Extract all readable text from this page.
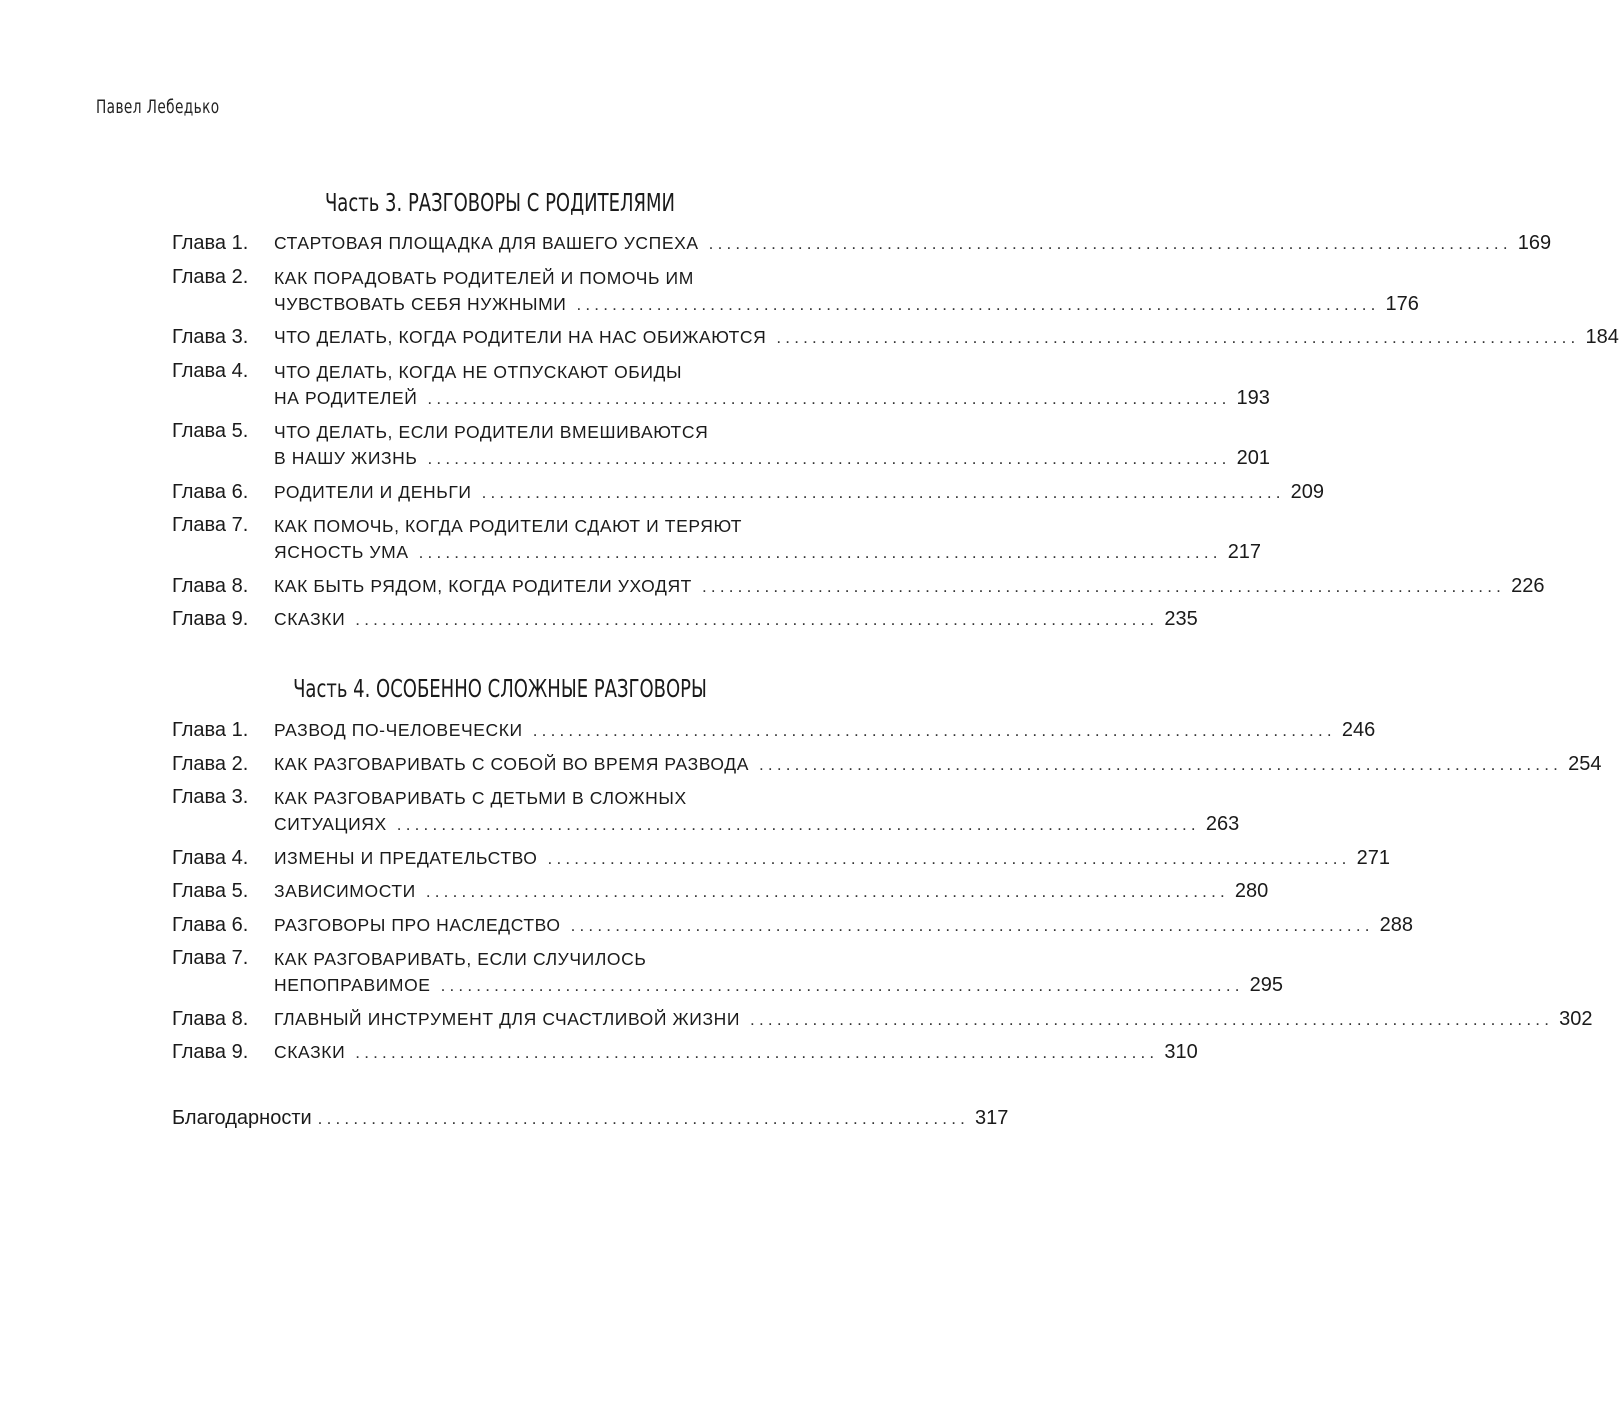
Павел Лебедько
Часть 3. РАЗГОВОРЫ С РОДИТЕЛЯМИ
Глава 1. СТАРТОВАЯ ПЛОЩАДКА ДЛЯ ВАШЕГО УСПЕХА .......................................................................................... 169
Глава 2. КАК ПОРАДОВАТЬ РОДИТЕЛЕЙ И ПОМОЧЬ ИМ
ЧУВСТВОВАТЬ СЕБЯ НУЖНЫМИ .......................................................................................... 176
Глава 3. ЧТО ДЕЛАТЬ, КОГДА РОДИТЕЛИ НА НАС ОБИЖАЮТСЯ .......................................................................................... 184
Глава 4. ЧТО ДЕЛАТЬ, КОГДА НЕ ОТПУСКАЮТ ОБИДЫ
НА РОДИТЕЛЕЙ .......................................................................................... 193
Глава 5. ЧТО ДЕЛАТЬ, ЕСЛИ РОДИТЕЛИ ВМЕШИВАЮТСЯ
В НАШУ ЖИЗНЬ .......................................................................................... 201
Глава 6. РОДИТЕЛИ И ДЕНЬГИ .......................................................................................... 209
Глава 7. КАК ПОМОЧЬ, КОГДА РОДИТЕЛИ СДАЮТ И ТЕРЯЮТ
ЯСНОСТЬ УМА .......................................................................................... 217
Глава 8. КАК БЫТЬ РЯДОМ, КОГДА РОДИТЕЛИ УХОДЯТ .......................................................................................... 226
Глава 9. СКАЗКИ .......................................................................................... 235
Часть 4. ОСОБЕННО СЛОЖНЫЕ РАЗГОВОРЫ
Глава 1. РАЗВОД ПО-ЧЕЛОВЕЧЕСКИ .......................................................................................... 246
Глава 2. КАК РАЗГОВАРИВАТЬ С СОБОЙ ВО ВРЕМЯ РАЗВОДА .......................................................................................... 254
Глава 3. КАК РАЗГОВАРИВАТЬ С ДЕТЬМИ В СЛОЖНЫХ
СИТУАЦИЯХ .......................................................................................... 263
Глава 4. ИЗМЕНЫ И ПРЕДАТЕЛЬСТВО .......................................................................................... 271
Глава 5. ЗАВИСИМОСТИ .......................................................................................... 280
Глава 6. РАЗГОВОРЫ ПРО НАСЛЕДСТВО .......................................................................................... 288
Глава 7. КАК РАЗГОВАРИВАТЬ, ЕСЛИ СЛУЧИЛОСЬ
НЕПОПРАВИМОЕ .......................................................................................... 295
Глава 8. ГЛАВНЫЙ ИНСТРУМЕНТ ДЛЯ СЧАСТЛИВОЙ ЖИЗНИ .......................................................................................... 302
Глава 9. СКАЗКИ .......................................................................................... 310
Благодарности ......................................................................... 317
